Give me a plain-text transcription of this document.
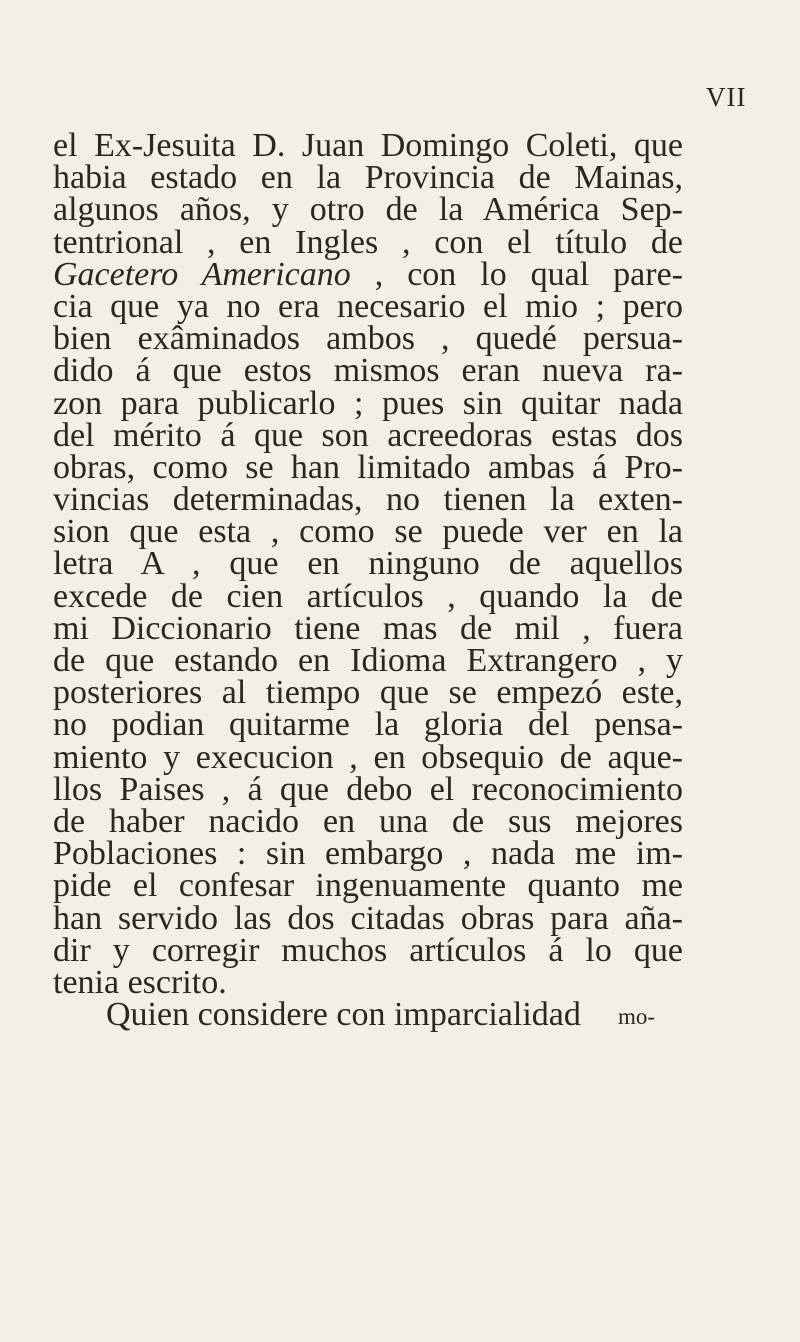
VII
el Ex-Jesuita D. Juan Domingo Coleti, que
habia estado en la Provincia de Mainas,
algunos años, y otro de la América Sep-
tentrional , en Ingles , con el título de
Gacetero Americano , con lo qual pare-
cia que ya no era necesario el mio ; pero
bien exâminados ambos , quedé persua-
dido á que estos mismos eran nueva ra-
zon para publicarlo ; pues sin quitar nada
del mérito á que son acreedoras estas dos
obras, como se han limitado ambas á Pro-
vincias determinadas, no tienen la exten-
sion que esta , como se puede ver en la
letra A , que en ninguno de aquellos
excede de cien artículos , quando la de
mi Diccionario tiene mas de mil , fuera
de que estando en Idioma Extrangero , y
posteriores al tiempo que se empezó este,
no podian quitarme la gloria del pensa-
miento y execucion , en obsequio de aque-
llos Paises , á que debo el reconocimiento
de haber nacido en una de sus mejores
Poblaciones : sin embargo , nada me im-
pide el confesar ingenuamente quanto me
han servido las dos citadas obras para aña-
dir y corregir muchos artículos á lo que
tenia escrito.
Quien considere con imparcialidad	mo-
